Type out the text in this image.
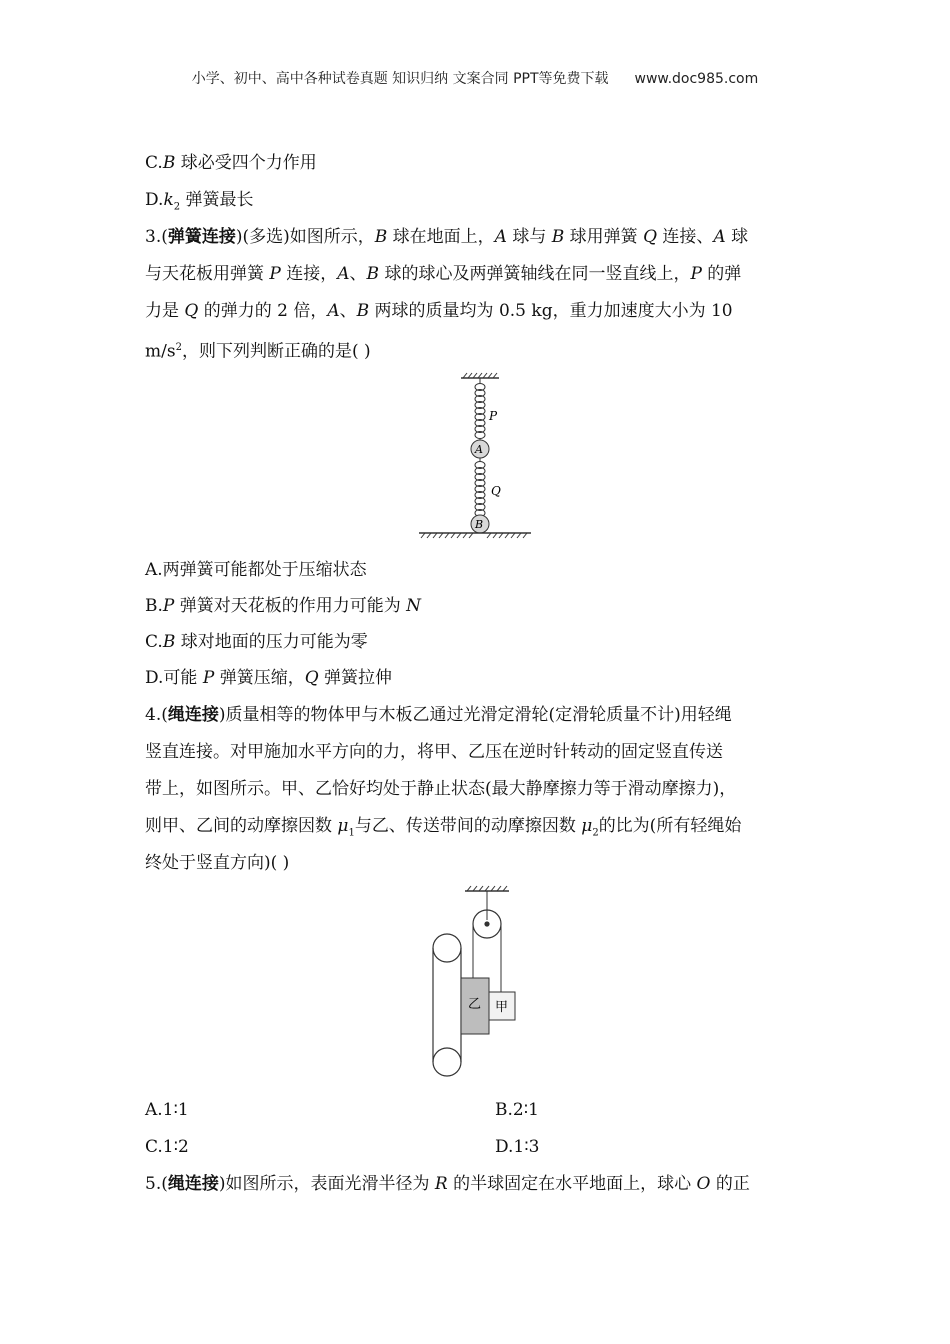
小学、初中、高中各种试卷真题 知识归纳 文案合同 PPT等免费下载 www.doc985.com
C.B 球必受四个力作用
$D.k_2$ 弹簧最长
3.(弹簧连接)(多选)如图所示，B 球在地面上，A 球与 B 球用弹簧 Q 连接、A 球
与天花板用弹簧 P 连接，A、B 球的球心及两弹簧轴线在同一竖直线上，P 的弹
力是 Q 的弹力的 2 倍，A、B 两球的质量均为 0.5 kg，重力加速度大小为 10
$m/s^2$，则下列判断正确的是( )
P
A
Q
B
A.两弹簧可能都处于压缩状态
B.P 弹簧对天花板的作用力可能为 N
C.B 球对地面的压力可能为零
D.可能 P 弹簧压缩，Q 弹簧拉伸
4.(绳连接)质量相等的物体甲与木板乙通过光滑定滑轮(定滑轮质量不计)用轻绳
竖直连接。对甲施加水平方向的力，将甲、乙压在逆时针转动的固定竖直传送
带上，如图所示。甲、乙恰好均处于静止状态(最大静摩擦力等于滑动摩擦力)，
则甲、乙间的动摩擦因数 $\mu_1$与乙、传送带间的动摩擦因数 $\mu_2$的比为(所有轻绳始
终处于竖直方向)( )
乙 甲
A.1∶1	B.2∶1
C.1∶2	D.1∶3
5.(绳连接)如图所示，表面光滑半径为 R 的半球固定在水平地面上，球心 O 的正
